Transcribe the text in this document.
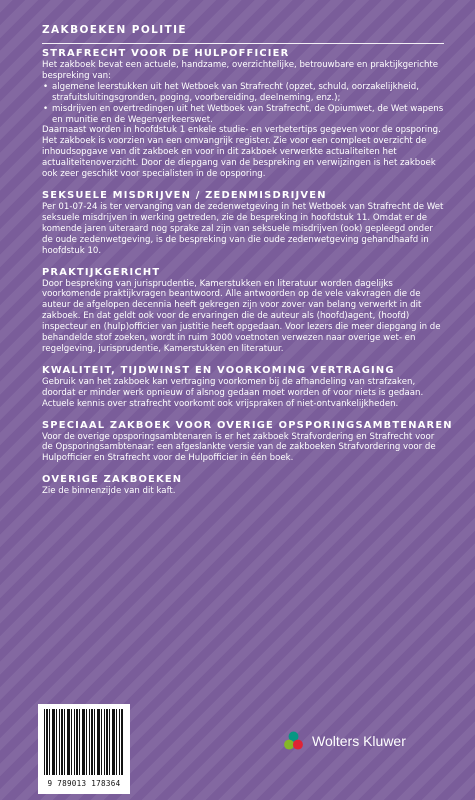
ZAKBOEKEN POLITIE
STRAFRECHT VOOR DE HULPOFFICIER
Het zakboek bevat een actuele, handzame, overzichtelijke, betrouwbare en praktijkgerichte bespreking van:
• algemene leerstukken uit het Wetboek van Strafrecht (opzet, schuld, oorzakelijkheid, strafuitsluitingsgronden, poging, voorbereiding, deelneming, enz.);
• misdrijven en overtredingen uit het Wetboek van Strafrecht, de Opiumwet, de Wet wapens en munitie en de Wegenverkeerswet.
Daarnaast worden in hoofdstuk 1 enkele studie- en verbetertips gegeven voor de opsporing. Het zakboek is voorzien van een omvangrijk register. Zie voor een compleet overzicht de inhoudsopgave van dit zakboek en voor in dit zakboek verwerkte actualiteiten het actualiteitenoverzicht. Door de diepgang van de bespreking en verwijzingen is het zakboek ook zeer geschikt voor specialisten in de opsporing.
SEKSUELE MISDRIJVEN / ZEDENMISDRIJVEN
Per 01-07-24 is ter vervanging van de zedenwetgeving in het Wetboek van Strafrecht de Wet seksuele misdrijven in werking getreden, zie de bespreking in hoofdstuk 11. Omdat er de komende jaren uiteraard nog sprake zal zijn van seksuele misdrijven (ook) gepleegd onder de oude zedenwetgeving, is de bespreking van die oude zedenwetgeving gehandhaafd in hoofdstuk 10.
PRAKTIJKGERICHT
Door bespreking van jurisprudentie, Kamerstukken en literatuur worden dagelijks voorkomende praktijkvragen beantwoord. Alle antwoorden op de vele vakvragen die de auteur de afgelopen decennia heeft gekregen zijn voor zover van belang verwerkt in dit zakboek. En dat geldt ook voor de ervaringen die de auteur als (hoofd)agent, (hoofd) inspecteur en (hulp)officier van justitie heeft opgedaan. Voor lezers die meer diepgang in de behandelde stof zoeken, wordt in ruim 3000 voetnoten verwezen naar overige wet- en regelgeving, jurisprudentie, Kamerstukken en literatuur.
KWALITEIT, TIJDWINST EN VOORKOMING VERTRAGING
Gebruik van het zakboek kan vertraging voorkomen bij de afhandeling van strafzaken, doordat er minder werk opnieuw of alsnog gedaan moet worden of voor niets is gedaan. Actuele kennis over strafrecht voorkomt ook vrijspraken of niet-ontvankelijkheden.
SPECIAAL ZAKBOEK VOOR OVERIGE OPSPORINGSAMBTENAREN
Voor de overige opsporingsambtenaren is er het zakboek Strafvordering en Strafrecht voor de Opsporingsambtenaar: een afgeslankte versie van de zakboeken Strafvordering voor de Hulpofficier en Strafrecht voor de Hulpofficier in één boek.
OVERIGE ZAKBOEKEN
Zie de binnenzijde van dit kaft.
9 789013 178364
Wolters Kluwer
